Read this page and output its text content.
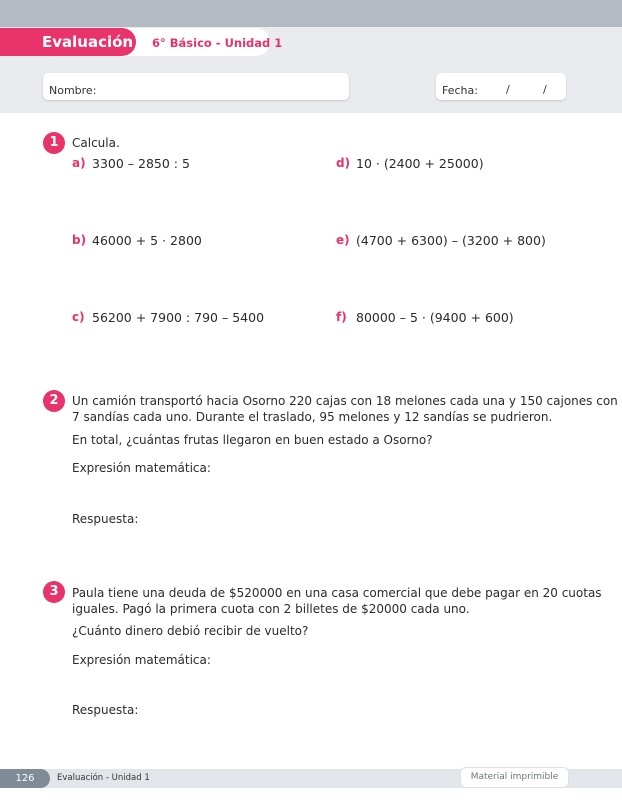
Evaluación 6° Básico - Unidad 1
Nombre:	Fecha:	/	/
1	Calcula.
a) 3300 – 2850 : 5
b) 46000 + 5 · 2800
c) 56200 + 7900 : 790 – 5400
d) 10 · (2400 + 25000)
e) (4700 + 6300) – (3200 + 800)
f) 80000 – 5 · (9400 + 600)
2	Un camión transportó hacia Osorno 220 cajas con 18 melones cada una y 150 cajones con
7 sandías cada uno. Durante el traslado, 95 melones y 12 sandías se pudrieron.
En total, ¿cuántas frutas llegaron en buen estado a Osorno?
Expresión matemática:
Respuesta:
3	Paula tiene una deuda de $520000 en una casa comercial que debe pagar en 20 cuotas
iguales. Pagó la primera cuota con 2 billetes de $20000 cada uno.
¿Cuánto dinero debió recibir de vuelto?
Expresión matemática:
Respuesta:
126	Evaluación - Unidad 1	Material imprimible
